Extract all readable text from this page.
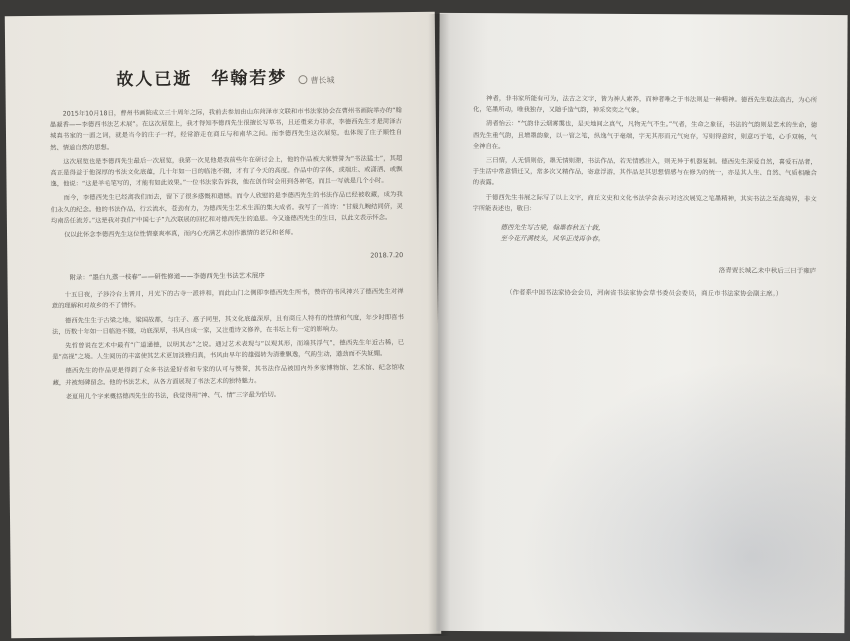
故人已逝　华翰若梦	曹长城

2015年10月18日，曹州书画院成立三十周年之际，我前去参加由山东菏泽市文联和市书法家协会在曹州书画院举办的“翰墨凝香——李德西书法艺术展”。在这次展览上，我才得知李德西先生很擅长写草书，且还重来力非求，李德西先生才是菏泽古城真书家的一面之词，就是当今的庄子一样，经常游走在商丘与和南华之间。而李德西先生这次展览，也体现了庄子顺性自然、情道自然的思想。

这次展览也是李德西先生最后一次展览，我第一次见他是我前些年在研讨会上，他的作品被大家赞誉为“书法猛士”，其超高正是得益于他深厚的书法文化底蕴，几十年如一日的临池不辍，才有了今天的高度。作品中的字体，或端庄、或潇洒、或飘逸，他说：“这是羊毛笔写的，才能有如此效果。”一位书法家告诉我，他在创作时会用到各种笔，而且一写就是几个小时。

而今，李德西先生已经离我们而去，留下了很多感慨和遗憾。而令人欣慰的是李德西先生的书法作品已经被收藏，成为我们永久的纪念。他的书法作品，行云流水，苍劲有力，为德西先生艺术生涯的集大成者。我写了一首诗：“甘载九畹结同侪，灵均南岳任流芳。”这是我对我们“中国七子”九次联展的回忆和对德西先生的追思。今又逢德西先生的生日，以此文表示怀念。

仅以此怀念李德西先生这位性情豪爽率真，而内心充满艺术创作激情的老兄和老师。

2018.7.20
附录：“墨白九蒸一枝春”——研性修道——李德西先生书法艺术展序

十五日夜，子涉冷台上晋月，月光下的古寺一派祥和，而此山门之侧即李德西先生所书，赞许的书风神兴了德西先生对禅意的理解和对故乡的不了情怀。

德西先生生于古梁之地，梁国故都，与庄子、惠子同里，其文化底蕴深厚，且有商丘人特有的性情和气度，年少时即喜书法，历数十年如一日临池不辍，功底深厚，书风自成一家，又注重诗文修养，在书坛上有一定的影响力。

先哲曾说在艺术中最有“广道通德，以明其志”之说。通过艺术表现与“以观其形，而端其浮气”，德西先生年近古稀，已是“高视”之境。人生阅历的丰富使其艺术更加淡雅归真，书风由早年的雄强转为清雅飘逸，气韵生动，遒劲而不失妩媚。

德西先生的作品更是得到了众多书法爱好者和专家的认可与赞誉，其书法作品被国内外多家博物馆、艺术馆、纪念馆收藏，并被刻碑留念。他的书法艺术，从各方面展现了书法艺术的独特魅力。

老夏用几个字来概括德西先生的书法，我觉得用“神、气、情”三字最为恰切。

神者，非书家所能有可为，法古之文字，皆为神人素养，而神者唯之于书法则是一种精神。德西先生取法高古，为心所化，笔墨所动，唯我独存，又随手造气韵，神采奕奕之气象。

清者怡云：“气韵非云烟雾霭也，是天地间之真气，凡物无气不生。”气者，生命之象征，书法的气韵则是艺术的生命，德西先生重气韵，且增墨韵象，以一管之笔，纵逸气于毫端，字无其形而元气宛存，写则得意时，则意巧于笔，心手双畅，气全神自在。

三曰情，人无情则俗，墨无情则滞，书法作品，若无情感注入，则无异于机器复制。德西先生深爱自然，喜爱石品者，于生活中常意情迁又，常多次又精作品，寄意浮游，其作品是其思想情感与在修为的统一，亦是其人生、自然、气质相融合的表露。

于德西先生书展之际写了以上文字，商丘文史和文化书法学会表示对这次展览之笔墨精神，其实书法之至高境界，非文字所能表述也，敬曰：

德西先生写古梁，翰墨春秋五十载，
至今花开满枝头，风华正茂再争春。
洛青贾长城乙未中秋后三日于雍庐
（作者系中国书法家协会会员，河南省书法家协会草书委员会委员，商丘市书法家协会副主席。）
